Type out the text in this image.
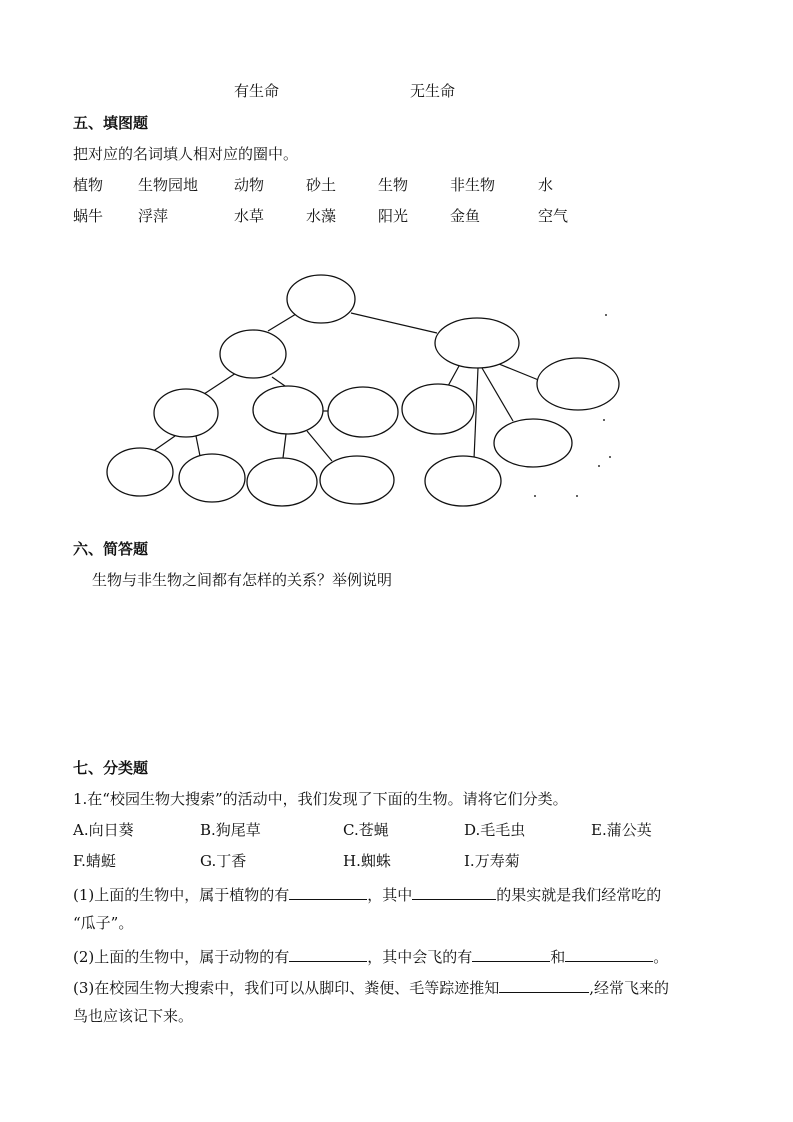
有生命	无生命
五、填图题
把对应的名词填人相对应的圈中。
植物 生物园地 动物	砂土	生物	非生物	水
蜗牛 浮萍	水草	水藻	阳光	金鱼	空气
六、简答题
生物与非生物之间都有怎样的关系？举例说明
七、分类题
1.在“校园生物大搜索”的活动中，我们发现了下面的生物。请将它们分类。
A.向日葵	B.狗尾草	C.苍蝇	D.毛毛虫	E.蒲公英
F.蜻蜓	G.丁香	H.蜘蛛	I.万寿菊
(1)上面的生物中，属于植物的有	，其中	的果实就是我们经常吃的
“瓜子”。
(2)上面的生物中，属于动物的有	，其中会飞的有	和	。
(3)在校园生物大搜索中，我们可以从脚印、粪便、毛等踪迹推知	,经常飞来的
鸟也应该记下来。
